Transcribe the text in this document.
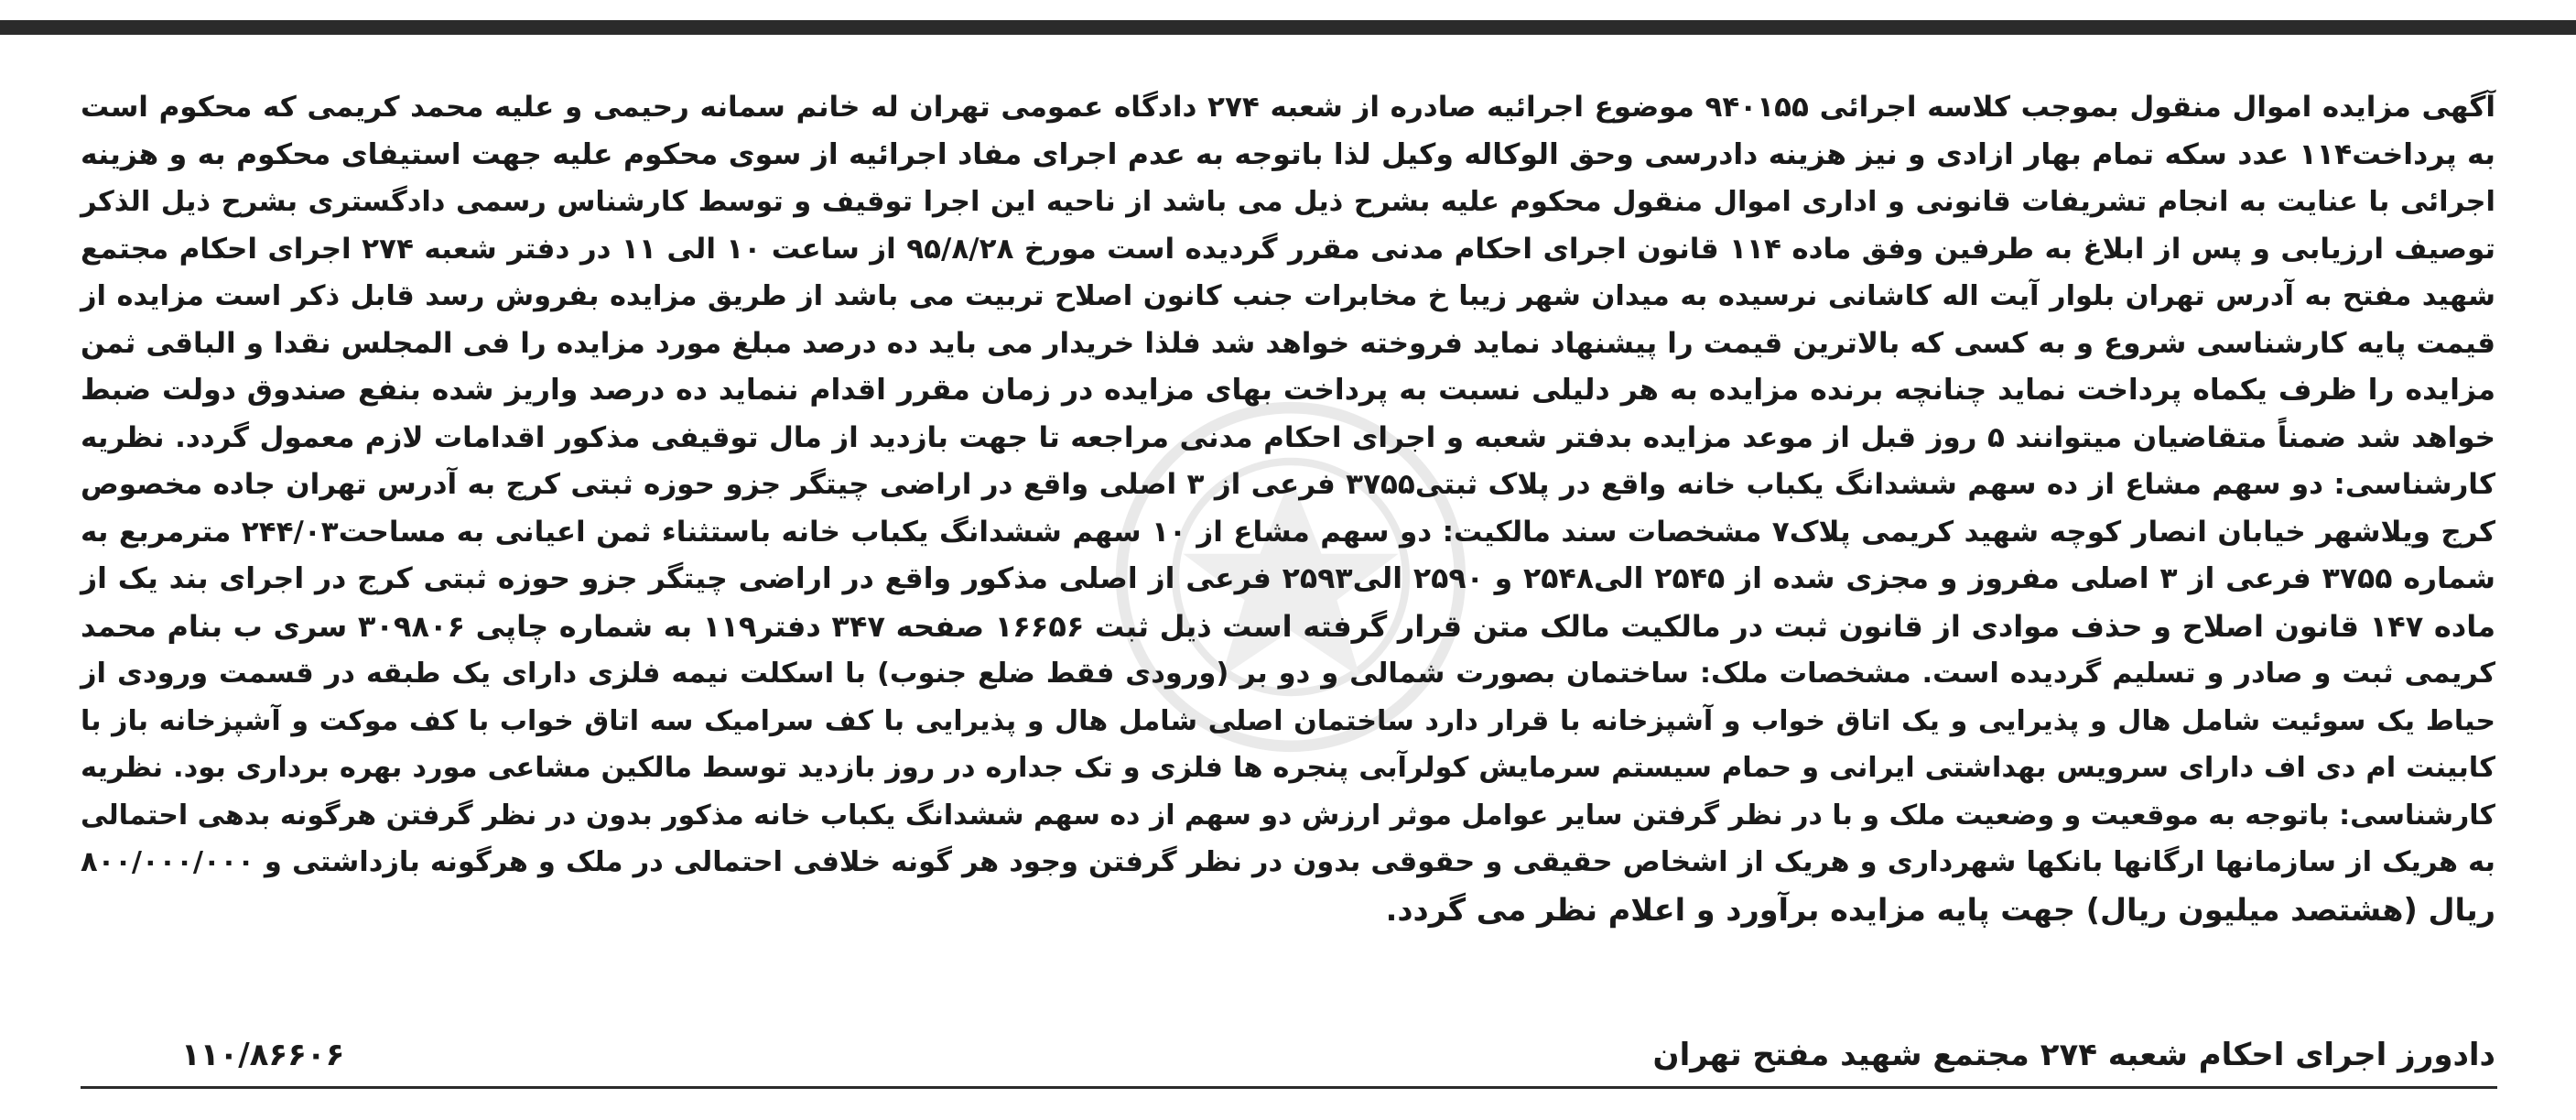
آگهی مزایده اموال منقول بموجب کلاسه اجرائی ۹۴۰۱۵۵ موضوع اجرائیه صادره از شعبه ۲۷۴ دادگاه عمومی تهران له خانم سمانه رحیمی و علیه محمد کریمی که محکوم است
به پرداخت۱۱۴ عدد سکه تمام بهار ازادی و نیز هزینه دادرسی وحق الوکاله وکیل لذا باتوجه به عدم اجرای مفاد اجرائیه از سوی محکوم علیه جهت استیفای محکوم به و هزینه
اجرائی با عنایت به انجام تشریفات قانونی و اداری اموال منقول محکوم علیه بشرح ذیل می باشد از ناحیه این اجرا توقیف و توسط کارشناس رسمی دادگستری بشرح ذیل الذکر
توصیف ارزیابی و پس از ابلاغ به طرفین وفق ماده ۱۱۴ قانون اجرای احکام مدنی مقرر گردیده است مورخ ۹۵/۸/۲۸ از ساعت ۱۰ الی ۱۱ در دفتر شعبه ۲۷۴ اجرای احکام مجتمع
شهید مفتح به آدرس تهران بلوار آیت اله کاشانی نرسیده به میدان شهر زیبا خ مخابرات جنب کانون اصلاح تربیت می باشد از طریق مزایده بفروش رسد قابل ذکر است مزایده از
قیمت پایه کارشناسی شروع و به کسی که بالاترین قیمت را پیشنهاد نماید فروخته خواهد شد فلذا خریدار می باید ده درصد مبلغ مورد مزایده را فی المجلس نقدا و الباقی ثمن
مزایده را ظرف یکماه پرداخت نماید چنانچه برنده مزایده به هر دلیلی نسبت به پرداخت بهای مزایده در زمان مقرر اقدام ننماید ده درصد واریز شده بنفع صندوق دولت ضبط
خواهد شد ضمناً متقاضیان میتوانند ۵ روز قبل از موعد مزایده بدفتر شعبه و اجرای احکام مدنی مراجعه تا جهت بازدید از مال توقیفی مذکور اقدامات لازم معمول گردد. نظریه
کارشناسی: دو سهم مشاع از ده سهم ششدانگ یکباب خانه واقع در پلاک ثبتی۳۷۵۵ فرعی از ۳ اصلی واقع در اراضی چیتگر جزو حوزه ثبتی کرج به آدرس تهران جاده مخصوص
کرج ویلاشهر خیابان انصار کوچه شهید کریمی پلاک۷ مشخصات سند مالکیت: دو سهم مشاع از ۱۰ سهم ششدانگ یکباب خانه باستثناء ثمن اعیانی به مساحت۲۴۴/۰۳ مترمربع به
شماره ۳۷۵۵ فرعی از ۳ اصلی مفروز و مجزی شده از ۲۵۴۵ الی۲۵۴۸ و ۲۵۹۰ الی۲۵۹۳ فرعی از اصلی مذکور واقع در اراضی چیتگر جزو حوزه ثبتی کرج در اجرای بند یک از
ماده ۱۴۷ قانون اصلاح و حذف موادی از قانون ثبت در مالکیت مالک متن قرار گرفته است ذیل ثبت ۱۶۶۵۶ صفحه ۳۴۷ دفتر۱۱۹ به شماره چاپی ۳۰۹۸۰۶ سری ب بنام محمد
کریمی ثبت و صادر و تسلیم گردیده است. مشخصات ملک: ساختمان بصورت شمالی و دو بر (ورودی فقط ضلع جنوب) با اسکلت نیمه فلزی دارای یک طبقه در قسمت ورودی از
حیاط یک سوئیت شامل هال و پذیرایی و یک اتاق خواب و آشپزخانه با قرار دارد ساختمان اصلی شامل هال و پذیرایی با کف سرامیک سه اتاق خواب با کف موکت و آشپزخانه باز با
کابینت ام دی اف دارای سرویس بهداشتی ایرانی و حمام سیستم سرمایش کولرآبی پنجره ها فلزی و تک جداره در روز بازدید توسط مالکین مشاعی مورد بهره برداری بود. نظریه
کارشناسی: باتوجه به موقعیت و وضعیت ملک و با در نظر گرفتن سایر عوامل موثر ارزش دو سهم از ده سهم ششدانگ یکباب خانه مذکور بدون در نظر گرفتن هرگونه بدهی احتمالی
به هریک از سازمانها ارگانها بانکها شهرداری و هریک از اشخاص حقیقی و حقوقی بدون در نظر گرفتن وجود هر گونه خلافی احتمالی در ملک و هرگونه بازداشتی و ۸۰۰/۰۰۰/۰۰۰
ریال (هشتصد میلیون ریال) جهت پایه مزایده برآورد و اعلام نظر می گردد.
دادورز اجرای احکام شعبه ۲۷۴ مجتمع شهید مفتح تهران
۱۱۰/۸۶۶۰۶
